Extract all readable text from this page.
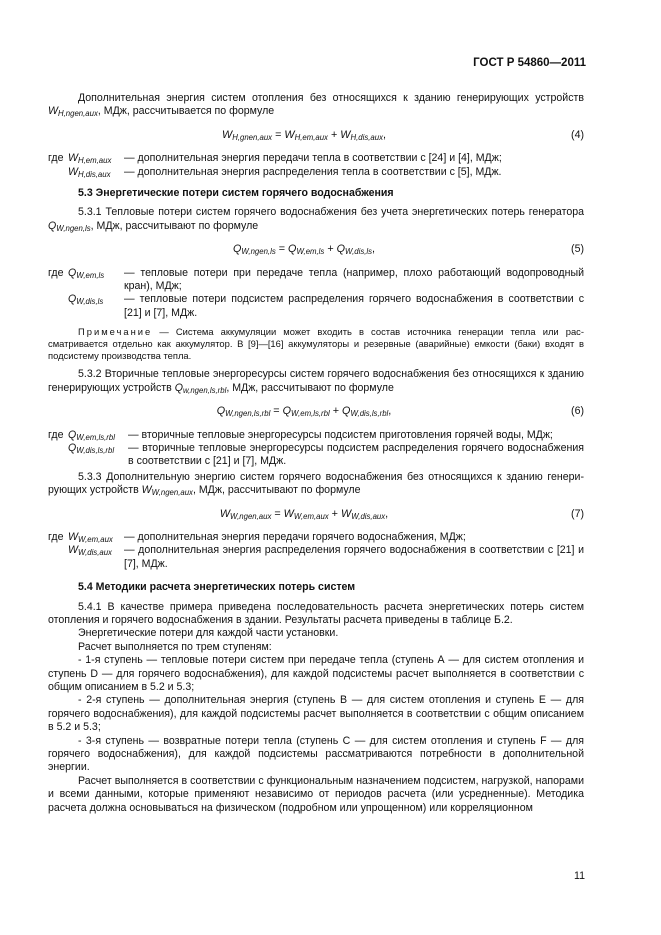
ГОСТ Р 54860—2011

Дополнительная энергия систем отопления без относящихся к зданию генерирующих устройств $W_{H,ngen,aux}$, МДж, рассчитывается по формуле

$W_{H,gnen,aux} = W_{H,em,aux} + W_{H,dis,aux}$,	(4)
где $W_{H,em,aux}$	— дополнительная энергия передачи тепла в соответствии с [24] и [4], МДж;
$W_{H,dis,aux}$	— дополнительная энергия распределения тепла в соответствии с [5], МДж.

5.3 Энергетические потери систем горячего водоснабжения

5.3.1 Тепловые потери систем горячего водоснабжения без учета энергетических потерь генератора $Q_{W,ngen,ls}$, МДж, рассчитывают по формуле

$Q_{W,ngen,ls} = Q_{W,em,ls} + Q_{W,dis,ls}$,	(5)
где $Q_{W,em,ls}$	— тепловые потери при передаче тепла (например, плохо работающий водопроводный кран), МДж;
$Q_{W,dis,ls}$	— тепловые потери подсистем распределения горячего водоснабжения в соответствии с [21] и [7], МДж.

Примечание — Система аккумуляции может входить в состав источника генерации тепла или рассматривается отдельно как аккумулятор. В [9]—[16] аккумуляторы и резервные (аварийные) емкости (баки) входят в подсистему производства тепла.

5.3.2 Вторичные тепловые энергоресурсы систем горячего водоснабжения без относящихся к зданию генерирующих устройств $Q_{w,ngen,ls,rbl}$, МДж, рассчитывают по формуле

$Q_{W,ngen,ls,rbl} = Q_{W,em,ls,rbl} + Q_{W,dis,ls,rbl}$,	(6)
где $Q_{W,em,ls,rbl}$	— вторичные тепловые энергоресурсы подсистем приготовления горячей воды, МДж;
$Q_{W,dis,ls,rbl}$	— вторичные тепловые энергоресурсы подсистем распределения горячего водоснабжения в соответствии с [21] и [7], МДж.

5.3.3 Дополнительную энергию систем горячего водоснабжения без относящихся к зданию генерирующих устройств $W_{W,ngen,aux}$, МДж, рассчитывают по формуле

$W_{W,ngen,aux} = W_{W,em,aux} + W_{W,dis,aux}$,	(7)
где $W_{W,em,aux}$	— дополнительная энергия передачи горячего водоснабжения, МДж;
$W_{W,dis,aux}$	— дополнительная энергия распределения горячего водоснабжения в соответствии с [21] и [7], МДж.

5.4 Методики расчета энергетических потерь систем

5.4.1 В качестве примера приведена последовательность расчета энергетических потерь систем отопления и горячего водоснабжения в здании. Результаты расчета приведены в таблице Б.2.

Энергетические потери для каждой части установки.

Расчет выполняется по трем ступеням:

- 1-я ступень — тепловые потери систем при передаче тепла (ступень А — для систем отопления и ступень D — для горячего водоснабжения), для каждой подсистемы расчет выполняется в соответствии с общим описанием в 5.2 и 5.3;

- 2-я ступень — дополнительная энергия (ступень В — для систем отопления и ступень Е — для горячего водоснабжения), для каждой подсистемы расчет выполняется в соответствии с общим описанием в 5.2 и 5.3;

- 3-я ступень — возвратные потери тепла (ступень С — для систем отопления и ступень F — для горячего водоснабжения), для каждой подсистемы рассматриваются потребности в дополнительной энергии.

Расчет выполняется в соответствии с функциональным назначением подсистем, нагрузкой, напорами и всеми данными, которые применяют независимо от периодов расчета (или усредненные). Методика расчета должна основываться на физическом (подробном или упрощенном) или корреляционном

11
